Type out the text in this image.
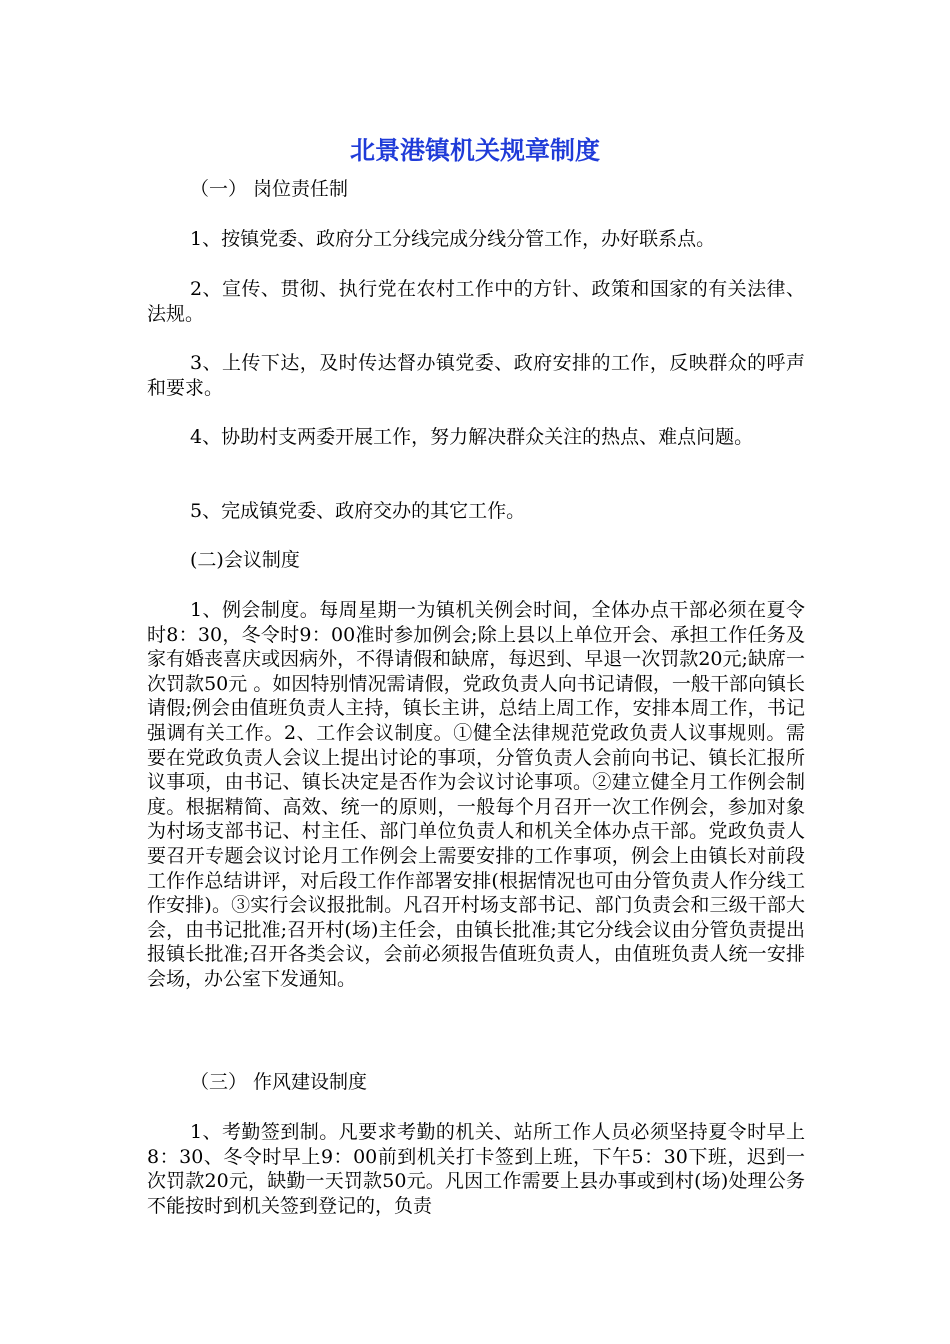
北景港镇机关规章制度

（一） 岗位责任制

1、按镇党委、政府分工分线完成分线分管工作，办好联系点。

2、宣传、贯彻、执行党在农村工作中的方针、政策和国家的有关法律、法规。

3、上传下达，及时传达督办镇党委、政府安排的工作，反映群众的呼声和要求。

4、协助村支两委开展工作，努力解决群众关注的热点、难点问题。

5、完成镇党委、政府交办的其它工作。

(二)会议制度

1、例会制度。每周星期一为镇机关例会时间，全体办点干部必须在夏令时8：30，冬令时9：00准时参加例会;除上县以上单位开会、承担工作任务及家有婚丧喜庆或因病外，不得请假和缺席，每迟到、早退一次罚款20元;缺席一次罚款50元 。如因特别情况需请假，党政负责人向书记请假，一般干部向镇长请假;例会由值班负责人主持，镇长主讲，总结上周工作，安排本周工作，书记强调有关工作。2、工作会议制度。①健全法律规范党政负责人议事规则。需要在党政负责人会议上提出讨论的事项，分管负责人会前向书记、镇长汇报所议事项，由书记、镇长决定是否作为会议讨论事项。②建立健全月工作例会制度。根据精简、高效、统一的原则，一般每个月召开一次工作例会，参加对象为村场支部书记、村主任、部门单位负责人和机关全体办点干部。党政负责人要召开专题会议讨论月工作例会上需要安排的工作事项，例会上由镇长对前段工作作总结讲评，对后段工作作部署安排(根据情况也可由分管负责人作分线工作安排)。③实行会议报批制。凡召开村场支部书记、部门负责会和三级干部大会，由书记批准;召开村(场)主任会，由镇长批准;其它分线会议由分管负责提出报镇长批准;召开各类会议，会前必须报告值班负责人，由值班负责人统一安排会场，办公室下发通知。

（三） 作风建设制度

1、考勤签到制。凡要求考勤的机关、站所工作人员必须坚持夏令时早上8：30、冬令时早上9：00前到机关打卡签到上班，下午5：30下班，迟到一次罚款20元，缺勤一天罚款50元。凡因工作需要上县办事或到村(场)处理公务不能按时到机关签到登记的，负责
